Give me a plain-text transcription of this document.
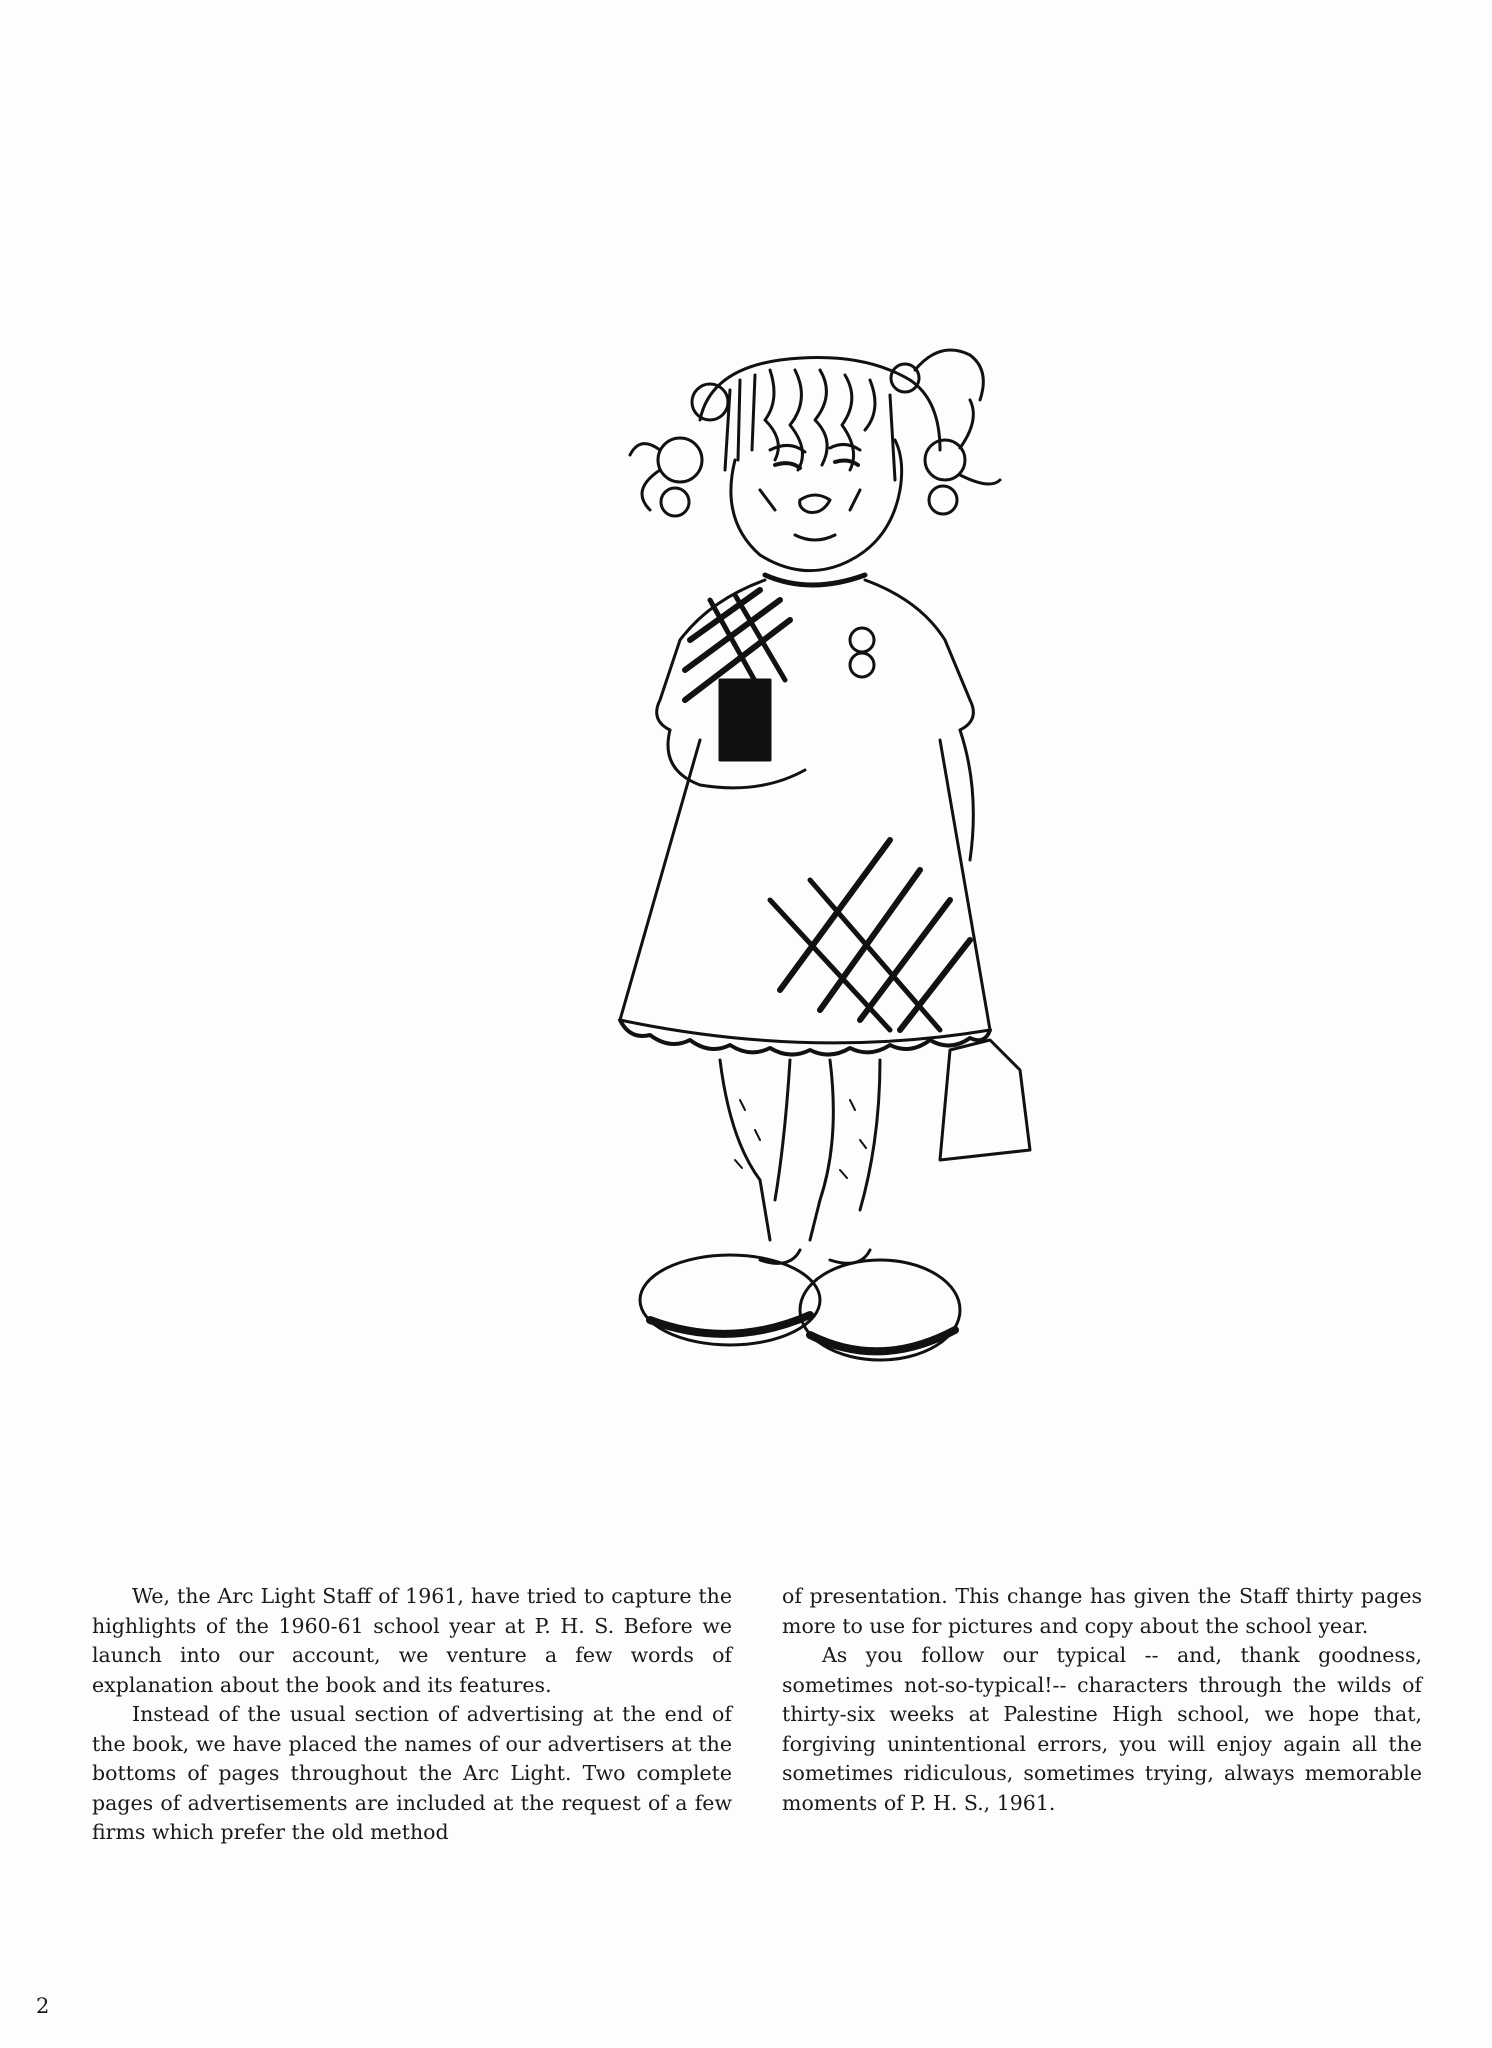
We, the Arc Light Staff of 1961, have tried to capture the highlights of the 1960-61 school year at P. H. S. Before we launch into our account, we venture a few words of explanation about the book and its features.

Instead of the usual section of advertising at the end of the book, we have placed the names of our advertisers at the bottoms of pages throughout the Arc Light. Two complete pages of advertisements are included at the request of a few firms which prefer the old method

of presentation. This change has given the Staff thirty pages more to use for pictures and copy about the school year.

As you follow our typical -- and, thank goodness, sometimes not-so-typical!-- characters through the wilds of thirty-six weeks at Palestine High school, we hope that, forgiving unintentional errors, you will enjoy again all the sometimes ridiculous, sometimes trying, always memorable moments of P. H. S., 1961.

2
